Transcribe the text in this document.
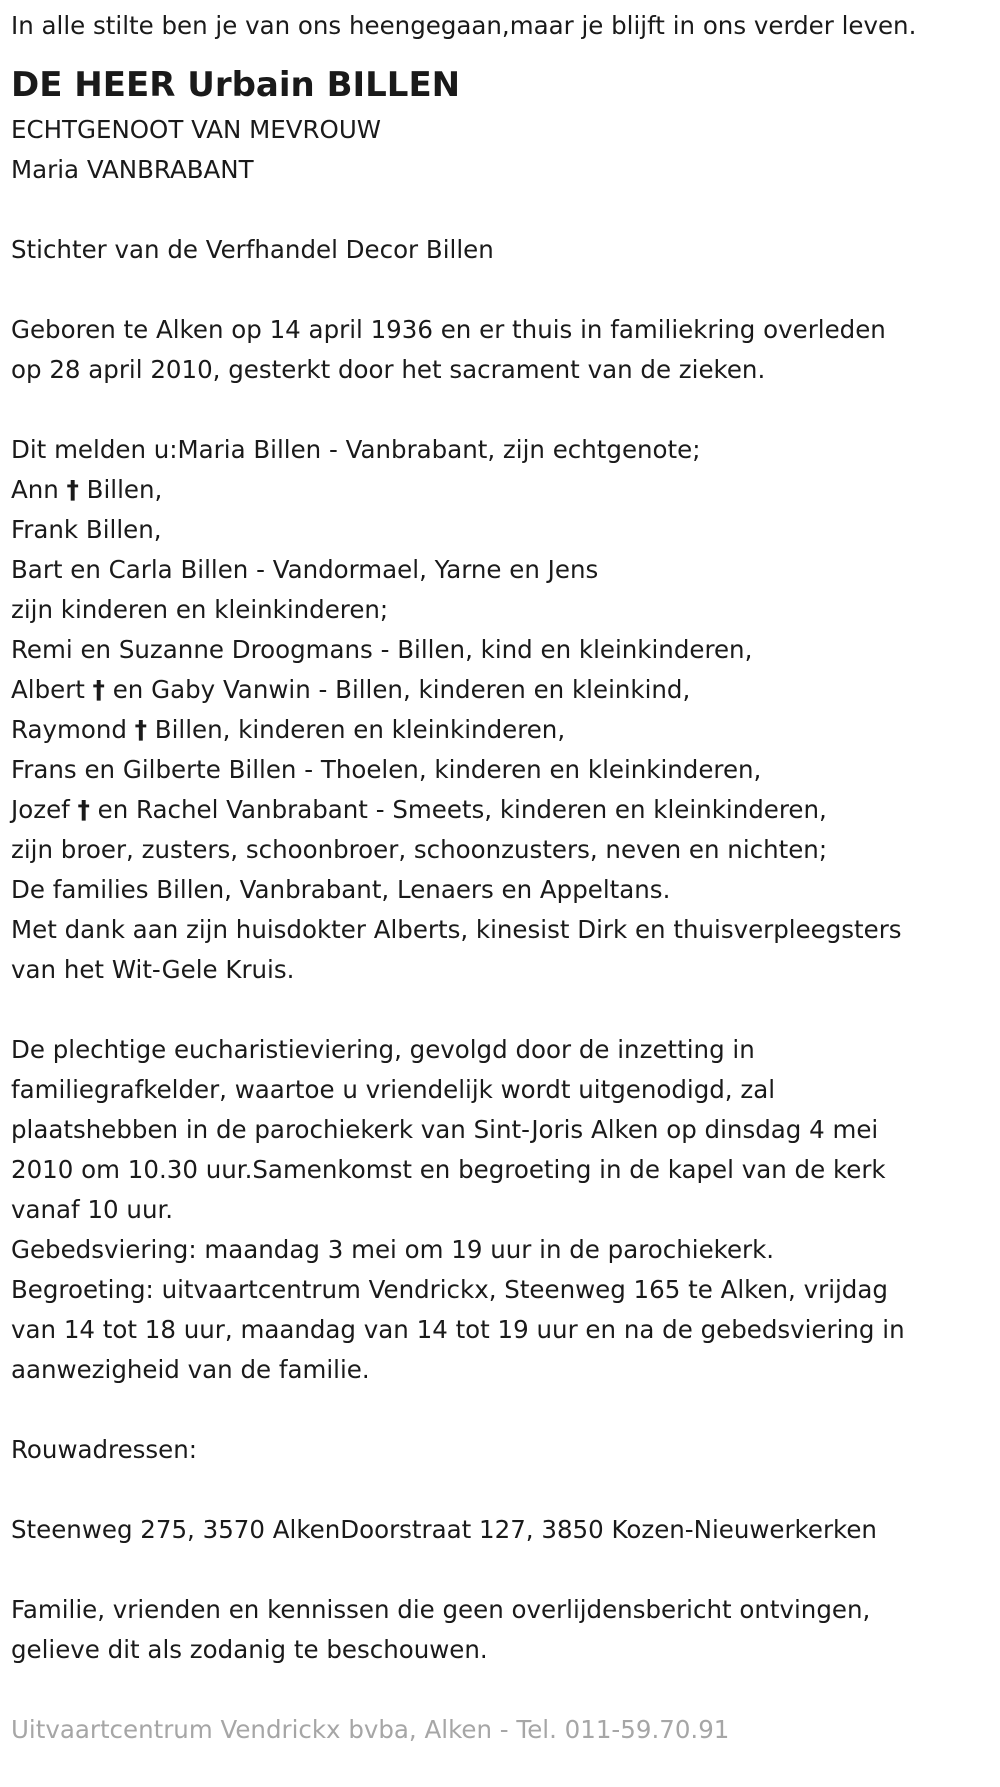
In alle stilte ben je van ons heengegaan,maar je blijft in ons verder leven.

DE HEER Urbain BILLEN

ECHTGENOOT VAN MEVROUW

Maria VANBRABANT

Stichter van de Verfhandel Decor Billen

Geboren te Alken op 14 april 1936 en er thuis in familiekring overleden

op 28 april 2010, gesterkt door het sacrament van de zieken.

Dit melden u:Maria Billen - Vanbrabant, zijn echtgenote;

Ann † Billen,

Frank Billen,

Bart en Carla Billen - Vandormael, Yarne en Jens

zijn kinderen en kleinkinderen;

Remi en Suzanne Droogmans - Billen, kind en kleinkinderen,

Albert † en Gaby Vanwin - Billen, kinderen en kleinkind,

Raymond † Billen, kinderen en kleinkinderen,

Frans en Gilberte Billen - Thoelen, kinderen en kleinkinderen,

Jozef † en Rachel Vanbrabant - Smeets, kinderen en kleinkinderen,

zijn broer, zusters, schoonbroer, schoonzusters, neven en nichten;

De families Billen, Vanbrabant, Lenaers en Appeltans.

Met dank aan zijn huisdokter Alberts, kinesist Dirk en thuisverpleegsters

van het Wit-Gele Kruis.

De plechtige eucharistieviering, gevolgd door de inzetting in

familiegrafkelder, waartoe u vriendelijk wordt uitgenodigd, zal

plaatshebben in de parochiekerk van Sint-Joris Alken op dinsdag 4 mei

2010 om 10.30 uur.Samenkomst en begroeting in de kapel van de kerk

vanaf 10 uur.

Gebedsviering: maandag 3 mei om 19 uur in de parochiekerk.

Begroeting: uitvaartcentrum Vendrickx, Steenweg 165 te Alken, vrijdag

van 14 tot 18 uur, maandag van 14 tot 19 uur en na de gebedsviering in

aanwezigheid van de familie.

Rouwadressen:

Steenweg 275, 3570 AlkenDoorstraat 127, 3850 Kozen-Nieuwerkerken

Familie, vrienden en kennissen die geen overlijdensbericht ontvingen,

gelieve dit als zodanig te beschouwen.

Uitvaartcentrum Vendrickx bvba, Alken - Tel. 011-59.70.91
